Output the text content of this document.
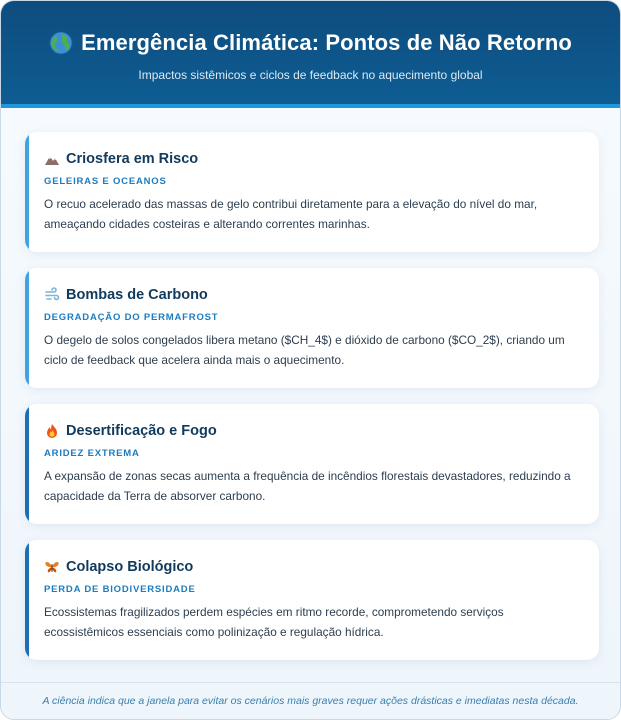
Emergência Climática: Pontos de Não Retorno
Impactos sistêmicos e ciclos de feedback no aquecimento global
Criosfera em Risco
GELEIRAS E OCEANOS
O recuo acelerado das massas de gelo contribui diretamente para a elevação do nível do mar, ameaçando cidades costeiras e alterando correntes marinhas.
Bombas de Carbono
DEGRADAÇÃO DO PERMAFROST
O degelo de solos congelados libera metano ($CH_4$) e dióxido de carbono ($CO_2$), criando um ciclo de feedback que acelera ainda mais o aquecimento.
Desertificação e Fogo
ARIDEZ EXTREMA
A expansão de zonas secas aumenta a frequência de incêndios florestais devastadores, reduzindo a capacidade da Terra de absorver carbono.
Colapso Biológico
PERDA DE BIODIVERSIDADE
Ecossistemas fragilizados perdem espécies em ritmo recorde, comprometendo serviços ecossistêmicos essenciais como polinização e regulação hídrica.
A ciência indica que a janela para evitar os cenários mais graves requer ações drásticas e imediatas nesta década.
